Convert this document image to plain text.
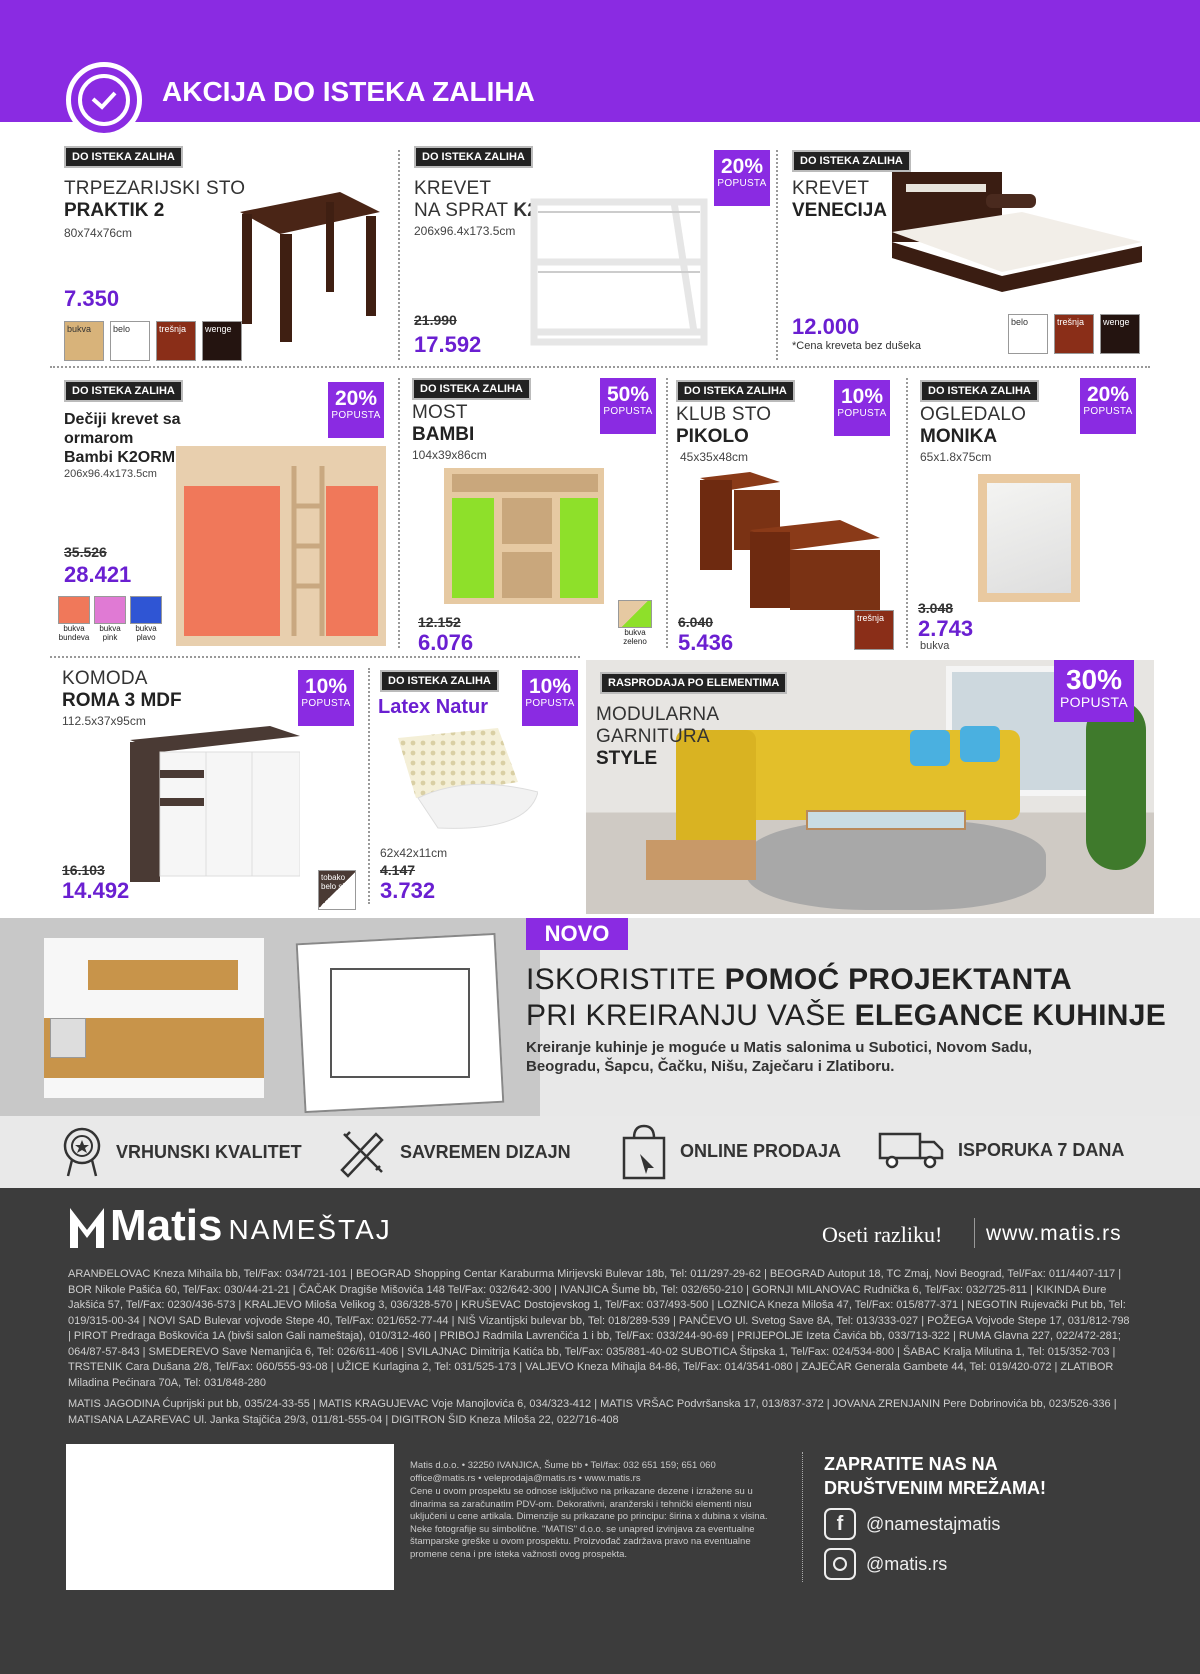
AKCIJA DO ISTEKA ZALIHA
DO ISTEKA ZALIHA
TRPEZARIJSKI STO
PRAKTIK 2
80x74x76cm
7.350
bukva	belo	trešnja	wenge
DO ISTEKA ZALIHA
KREVET
NA SPRAT K2
206x96.4x173.5cm
21.990
17.592
20%
POPUSTA
DO ISTEKA ZALIHA
KREVET
VENECIJA
12.000
*Cena kreveta bez dušeka
belo	trešnja	wenge
DO ISTEKA ZALIHA
Dečiji krevet sa
ormarom
Bambi K2ORM
206x96.4x173.5cm
35.526
28.421
20%
POPUSTA
bukva bundeva
bukva pink
bukva plavo
DO ISTEKA ZALIHA
MOST
BAMBI
104x39x86cm
12.152
6.076
50%
POPUSTA
bukva zeleno
DO ISTEKA ZALIHA
KLUB STO
PIKOLO
45x35x48cm
6.040
5.436
10%
POPUSTA
trešnja
DO ISTEKA ZALIHA
OGLEDALO
MONIKA
65x1.8x75cm
3.048
2.743
bukva
20%
POPUSTA
KOMODA
ROMA 3 MDF
112.5x37x95cm
16.103
14.492
10%
POPUSTA
tobako belo sjaj
DO ISTEKA ZALIHA
Latex Natur
62x42x11cm
4.147
3.732
10%
POPUSTA
RASPRODAJA PO ELEMENTIMA
MODULARNA
GARNITURA
STYLE
30%
POPUSTA
NOVO
ISKORISTITE POMOĆ PROJEKTANTA
PRI KREIRANJU VAŠE ELEGANCE KUHINJE
Kreiranje kuhinje je moguće u Matis salonima u Subotici, Novom Sadu, Beogradu, Šapcu, Čačku, Nišu, Zaječaru i Zlatiboru.
VRHUNSKI KVALITET	SAVREMEN DIZAJN	ONLINE PRODAJA	ISPORUKA 7 DANA
Matis NAMEŠTAJ	Oseti razliku! www.matis.rs
ARANĐELOVAC Kneza Mihaila bb, Tel/Fax: 034/721-101 | BEOGRAD Shopping Centar Karaburma Mirijevski Bulevar 18b, Tel: 011/297-29-62 | BEOGRAD Autoput 18, TC Zmaj, Novi Beograd, Tel/Fax: 011/4407-117 | BOR Nikole Pašića 60, Tel/Fax: 030/44-21-21 | ČAČAK Dragiše Mišovića 148 Tel/Fax: 032/642-300 | IVANJICA Šume bb, Tel: 032/650-210 | GORNJI MILANOVAC Rudnička 6, Tel/Fax: 032/725-811 | KIKINDA Đure Jakšića 57, Tel/Fax: 0230/436-573 | KRALJEVO Miloša Velikog 3, 036/328-570 | KRUŠEVAC Dostojevskog 1, Tel/Fax: 037/493-500 | LOZNICA Kneza Miloša 47, Tel/Fax: 015/877-371 | NEGOTIN Rujevački Put bb, Tel: 019/315-00-34 | NOVI SAD Bulevar vojvode Stepe 40, Tel/Fax: 021/652-77-44 | NIŠ Vizantijski bulevar bb, Tel: 018/289-539 | PANČEVO Ul. Svetog Save 8A, Tel: 013/333-027 | POŽEGA Vojvode Stepe 17, 031/812-798 | PIROT Predraga Boškovića 1A (bivši salon Gali nameštaja), 010/312-460 | PRIBOJ Radmila Lavrenčića 1 i bb, Tel/Fax: 033/244-90-69 | PRIJEPOLJE Izeta Čavića bb, 033/713-322 | RUMA Glavna 227, 022/472-281; 064/87-57-843 | SMEDEREVO Save Nemanjića 6, Tel: 026/611-406 | SVILAJNAC Dimitrija Katića bb, Tel/Fax: 035/881-40-02 SUBOTICA Štipska 1, Tel/Fax: 024/534-800 | ŠABAC Kralja Milutina 1, Tel: 015/352-703 | TRSTENIK Cara Dušana 2/8, Tel/Fax: 060/555-93-08 | UŽICE Kurlagina 2, Tel: 031/525-173 | VALJEVO Kneza Mihajla 84-86, Tel/Fax: 014/3541-080 | ZAJEČAR Generala Gambete 44, Tel: 019/420-072 | ZLATIBOR Miladina Pećinara 70A, Tel: 031/848-280
MATIS JAGODINA Ćuprijski put bb, 035/24-33-55 | MATIS KRAGUJEVAC Voje Manojlovića 6, 034/323-412 | MATIS VRŠAC Podvršanska 17, 013/837-372 | JOVANA ZRENJANIN Pere Dobrinovića bb, 023/526-336 | MATISANA LAZAREVAC Ul. Janka Stajčića 29/3, 011/81-555-04 | DIGITRON ŠID Kneza Miloša 22, 022/716-408
Matis d.o.o. • 32250 IVANJICA, Šume bb • Tel/fax: 032 651 159; 651 060 office@matis.rs • veleprodaja@matis.rs • www.matis.rs
Cene u ovom prospektu se odnose isključivo na prikazane dezene i izražene su u dinarima sa zaračunatim PDV-om. Dekorativni, aranžerski i tehnički elementi nisu uključeni u cene artikala. Dimenzije su prikazane po principu: širina x dubina x visina. Neke fotografije su simbolične. "MATIS" d.o.o. se unapred izvinjava za eventualne štamparske greške u ovom prospektu. Proizvođač zadržava pravo na eventualne promene cena i pre isteka važnosti ovog prospekta.
ZAPRATITE NAS NA DRUŠTVENIM MREŽAMA!
f	@namestajmatis
@matis.rs
